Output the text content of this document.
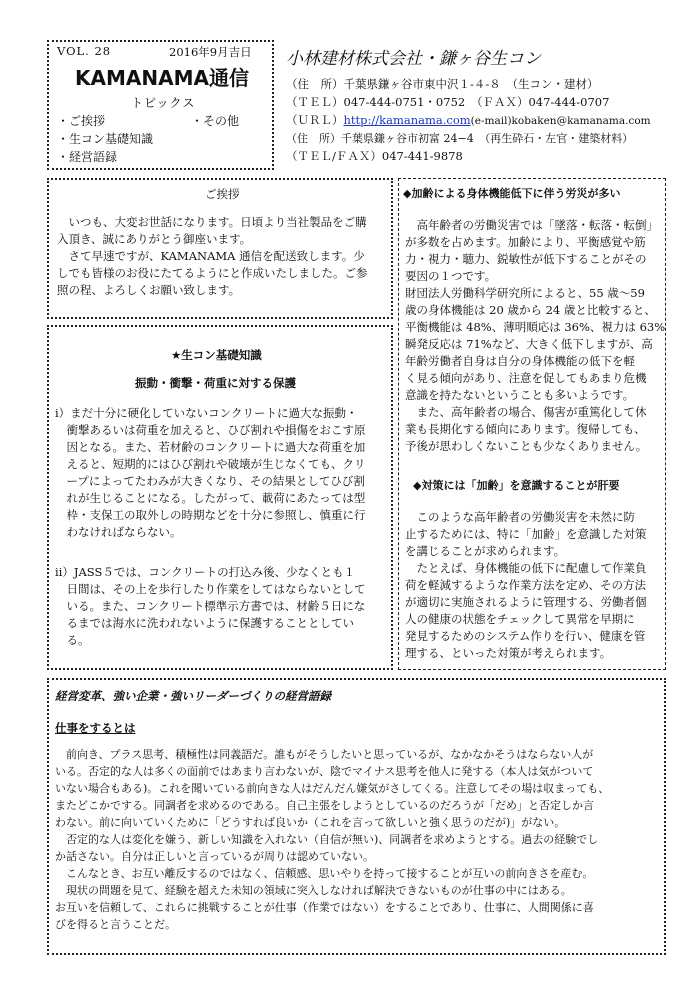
VOL. 28	2016年9月吉日
KAMANAMA通信
トピックス
・ご挨拶	・その他
・生コン基礎知識
・経営語録
小林建材株式会社・鎌ヶ谷生コン
（住　所）千葉県鎌ヶ谷市東中沢１-４-８　（生コン・建材）
（ＴＥＬ）047-444-0751・0752　（ＦＡＸ）047-444-0707
（ＵＲＬ）http://kamanama.com(e-mail)kobaken@kamanama.com
（住　所）千葉県鎌ヶ谷市初富 24−4　（再生砕石・左官・建築材料）
（ＴＥＬ/ＦＡＸ）047-441-9878
ご挨拶
　いつも、大変お世話になります。日頃より当社製品をご購
入頂き、誠にありがとう御座います。
　さて早速ですが、KAMANAMA 通信を配送致します。少
しでも皆様のお役にたてるようにと作成いたしました。ご参
照の程、よろしくお願い致します。
★生コン基礎知識
振動・衝撃・荷重に対する保護
ⅰ）まだ十分に硬化していないコンクリートに過大な振動・
　衝撃あるいは荷重を加えると、ひび割れや損傷をおこす原
　因となる。また、若材齢のコンクリートに過大な荷重を加
　えると、短期的にはひび割れや破壊が生じなくても、クリ
　ープによってたわみが大きくなり、その結果としてひび割
　れが生じることになる。したがって、載荷にあたっては型
　枠・支保工の取外しの時期などを十分に参照し、慎重に行
　わなければならない。
ⅱ）JASS５では、コンクリートの打込み後、少なくとも１
　日間は、その上を歩行したり作業をしてはならないとして
　いる。また、コンクリート標準示方書では、材齢５日にな
　るまでは海水に洗われないように保護することとしてい
　る。
◆加齢による身体機能低下に伴う労災が多い
　高年齢者の労働災害では「墜落・転落・転倒」
が多数を占めます。加齢により、平衡感覚や筋
力・視力・聴力、鋭敏性が低下することがその
要因の１つです。
財団法人労働科学研究所によると、55 歳〜59
歳の身体機能は 20 歳から 24 歳と比較すると、
平衡機能は 48%、薄明順応は 36%、視力は 63%
瞬発反応は 71%など、大きく低下しますが、高
年齢労働者自身は自分の身体機能の低下を軽
く見る傾向があり、注意を促してもあまり危機
意識を持たないということも多いようです。
　また、高年齢者の場合、傷害が重篤化して休
業も長期化する傾向にあります。復帰しても、
予後が思わしくないことも少なくありません。
◆対策には「加齢」を意識することが肝要
　このような高年齢者の労働災害を未然に防
止するためには、特に「加齢」を意識した対策
を講じることが求められます。
　たとえば、身体機能の低下に配慮して作業負
荷を軽減するような作業方法を定め、その方法
が適切に実施されるように管理する、労働者個
人の健康の状態をチェックして異常を早期に
発見するためのシステム作りを行い、健康を管
理する、といった対策が考えられます。
経営変革、強い企業・強いリーダーづくりの経営語録
仕事をするとは
　前向き、プラス思考、積極性は同義語だ。誰もがそうしたいと思っているが、なかなかそうはならない人が
いる。否定的な人は多くの面前ではあまり言わないが、陰でマイナス思考を他人に発する（本人は気がついて
いない場合もある)。これを聞いている前向きな人はだんだん嫌気がさしてくる。注意してその場は収まっても、
またどこかでする。同調者を求めるのである。自己主張をしようとしているのだろうが「だめ」と否定しか言
わない。前に向いていくために「どうすれば良いか（これを言って欲しいと強く思うのだが)」がない。
　否定的な人は変化を嫌う、新しい知識を入れない（自信が無い)、同調者を求めようとする。過去の経験でし
か話さない。自分は正しいと言っているが周りは認めていない。
　こんなとき、お互い離反するのではなく、信頼感、思いやりを持って接することが互いの前向きさを産む。
　現状の問題を見て、経験を超えた未知の領域に突入しなければ解決できないものが仕事の中にはある。
お互いを信頼して、これらに挑戦することが仕事（作業ではない）をすることであり、仕事に、人間関係に喜
びを得ると言うことだ。
